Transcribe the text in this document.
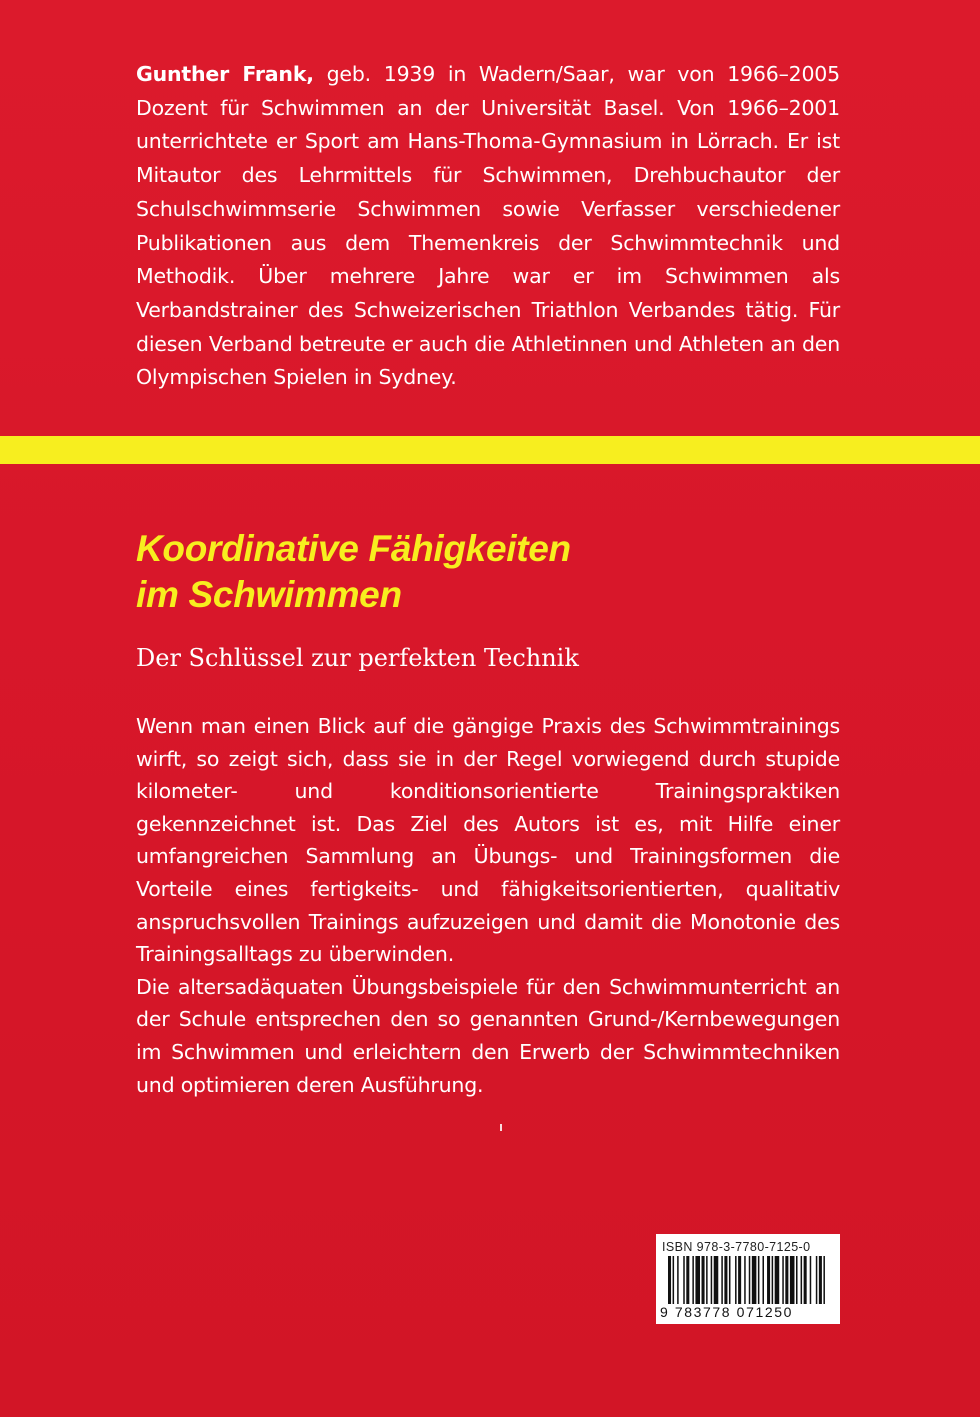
Gunther Frank, geb. 1939 in Wadern/Saar, war von 1966–2005 Dozent für Schwimmen an der Universität Basel. Von 1966–2001 unterrichtete er Sport am Hans-Thoma-Gymnasium in Lörrach. Er ist Mitautor des Lehrmittels für Schwimmen, Drehbuchautor der Schulschwimmserie Schwimmen sowie Verfasser verschiedener Publikationen aus dem Themenkreis der Schwimmtechnik und Methodik. Über mehrere Jahre war er im Schwimmen als Verbandstrainer des Schweizerischen Triathlon Verbandes tätig. Für diesen Verband betreute er auch die Athletinnen und Athleten an den Olympischen Spielen in Sydney.
Koordinative Fähigkeiten
im Schwimmen
Der Schlüssel zur perfekten Technik

Wenn man einen Blick auf die gängige Praxis des Schwimmtrainings wirft, so zeigt sich, dass sie in der Regel vorwiegend durch stupide kilometer- und konditionsorientierte Trainingspraktiken gekennzeichnet ist. Das Ziel des Autors ist es, mit Hilfe einer umfangreichen Sammlung an Übungs- und Trainingsformen die Vorteile eines fertigkeits- und fähigkeitsorientierten, qualitativ anspruchsvollen Trainings aufzuzeigen und damit die Monotonie des Trainingsalltags zu überwinden.

Die altersadäquaten Übungsbeispiele für den Schwimmunterricht an der Schule entsprechen den so genannten Grund-/Kernbewegungen im Schwimmen und erleichtern den Erwerb der Schwimmtechniken und optimieren deren Ausführung.

ISBN 978-3-7780-7125-0
9 783778 071250
